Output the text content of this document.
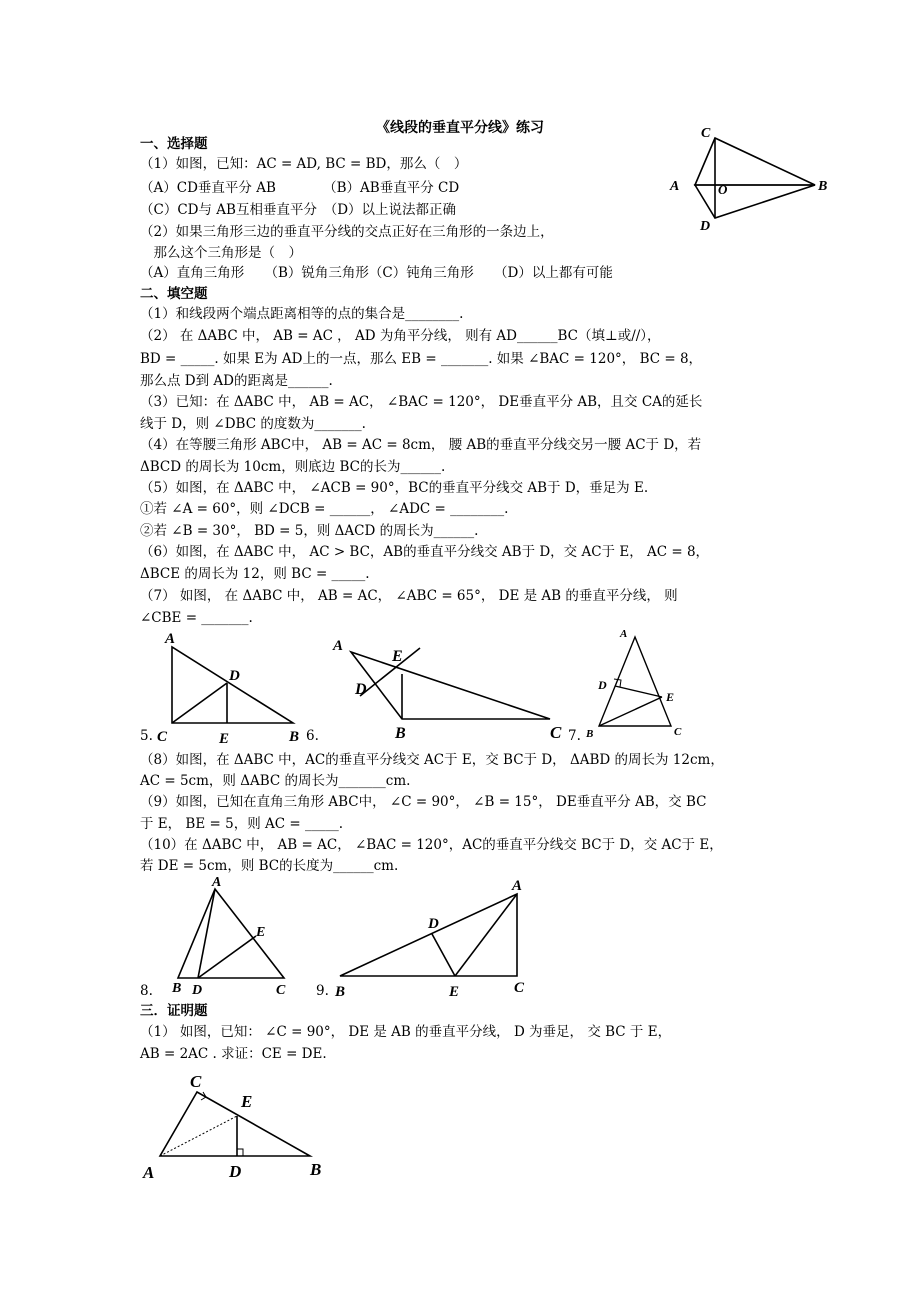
《线段的垂直平分线》练习
一、选择题
（1）如图，已知：AC = AD, BC = BD，那么（　）
（A）CD垂直平分 AB　　　　（B）AB垂直平分 CD
（C）CD与 AB互相垂直平分　（D）以上说法都正确
（2）如果三角形三边的垂直平分线的交点正好在三角形的一条边上，
　那么这个三角形是（　）
（A）直角三角形　　（B）锐角三角形（C）钝角三角形　　（D）以上都有可能
二、填空题
（1）和线段两个端点距离相等的点的集合是________.
（2） 在 ΔABC 中， AB = AC ， AD 为角平分线， 则有 AD______BC（填⊥或//），
BD = _____. 如果 E为 AD上的一点，那么 EB = _______. 如果 ∠BAC = 120°， BC = 8，
那么点 D到 AD的距离是______.
（3）已知：在 ΔABC 中， AB = AC， ∠BAC = 120°， DE垂直平分 AB，且交 CA的延长
线于 D，则 ∠DBC 的度数为_______.
（4）在等腰三角形 ABC中， AB = AC = 8cm， 腰 AB的垂直平分线交另一腰 AC于 D，若
ΔBCD 的周长为 10cm，则底边 BC的长为______.
（5）如图，在 ΔABC 中， ∠ACB = 90°，BC的垂直平分线交 AB于 D，垂足为 E.
①若 ∠A = 60°，则 ∠DCB = ______， ∠ADC = ________.
②若 ∠B = 30°， BD = 5，则 ΔACD 的周长为______.
（6）如图，在 ΔABC 中， AC > BC，AB的垂直平分线交 AB于 D，交 AC于 E， AC = 8，
ΔBCE 的周长为 12，则 BC = _____.
（7） 如图， 在 ΔABC 中， AB = AC， ∠ABC = 65°， DE 是 AB 的垂直平分线， 则
∠CBE = _______.
（8）如图，在 ΔABC 中，AC的垂直平分线交 AC于 E，交 BC于 D， ΔABD 的周长为 12cm，
AC = 5cm，则 ΔABC 的周长为_______cm.
（9）如图，已知在直角三角形 ABC中， ∠C = 90°， ∠B = 15°， DE垂直平分 AB，交 BC
于 E， BE = 5，则 AC = _____.
（10）在 ΔABC 中， AB = AC， ∠BAC = 120°，AC的垂直平分线交 BC于 D，交 AC于 E，
若 DE = 5cm，则 BC的长度为______cm.
三．证明题
（1） 如图，已知： ∠C = 90°， DE 是 AB 的垂直平分线， D 为垂足， 交 BC 于 E，
AB = 2AC . 求证：CE = DE.
5.	6.	7.
8.	9.
C
A	O	B
D
A
D
C	E	B
A
E
D
B	C
A
D
E
B	C
A
E
B D	C
A
D
B	E	C
C
E
A	D	B
